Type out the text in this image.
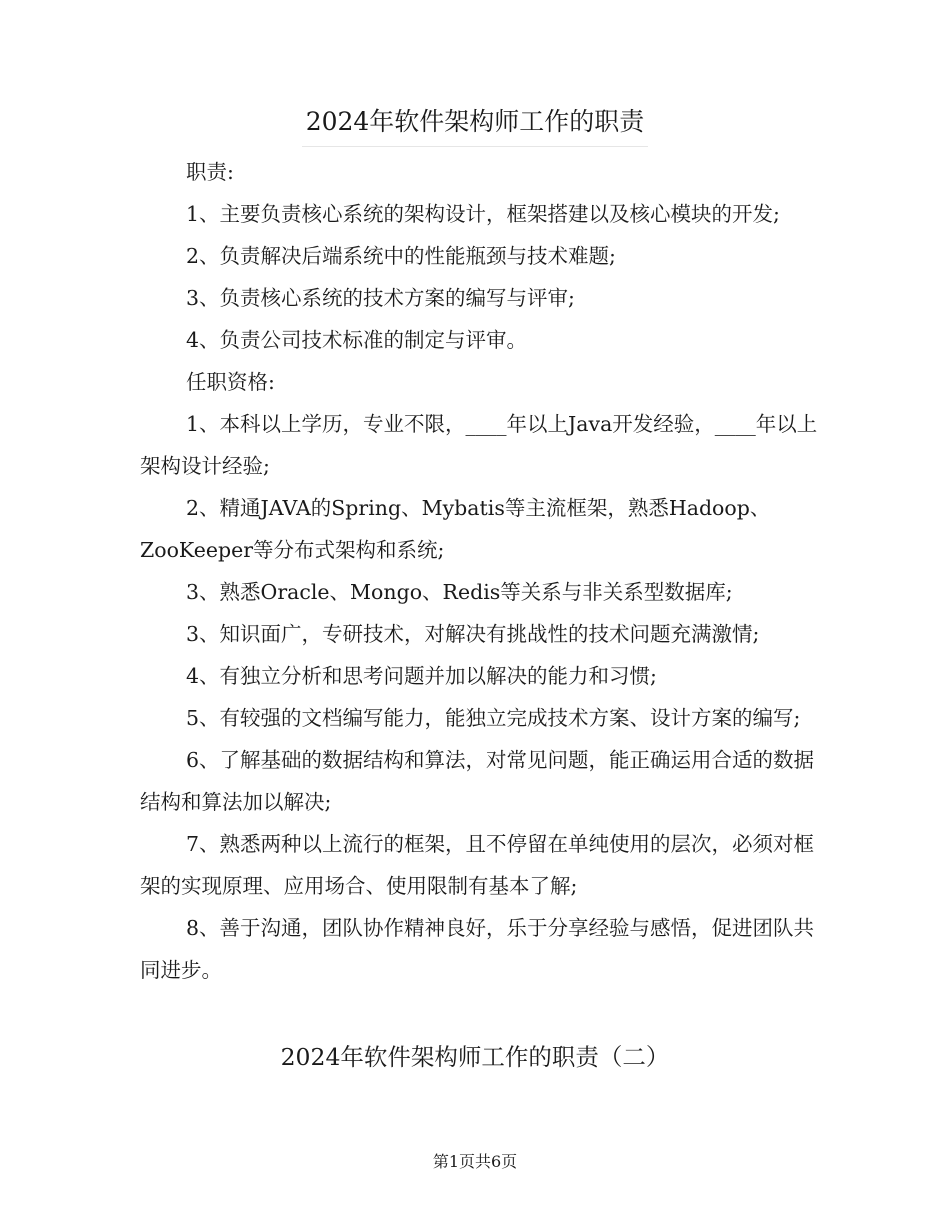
2024年软件架构师工作的职责

职责:

1、主要负责核心系统的架构设计，框架搭建以及核心模块的开发;

2、负责解决后端系统中的性能瓶颈与技术难题;

3、负责核心系统的技术方案的编写与评审;

4、负责公司技术标准的制定与评审。

任职资格:

1、本科以上学历，专业不限，____年以上Java开发经验，____年以上架构设计经验;

2、精通JAVA的Spring、Mybatis等主流框架，熟悉Hadoop、ZooKeeper等分布式架构和系统;

3、熟悉Oracle、Mongo、Redis等关系与非关系型数据库;

3、知识面广，专研技术，对解决有挑战性的技术问题充满激情;

4、有独立分析和思考问题并加以解决的能力和习惯;

5、有较强的文档编写能力，能独立完成技术方案、设计方案的编写;

6、了解基础的数据结构和算法，对常见问题，能正确运用合适的数据结构和算法加以解决;

7、熟悉两种以上流行的框架，且不停留在单纯使用的层次，必须对框架的实现原理、应用场合、使用限制有基本了解;

8、善于沟通，团队协作精神良好，乐于分享经验与感悟，促进团队共同进步。

2024年软件架构师工作的职责（二）
第1页共6页
